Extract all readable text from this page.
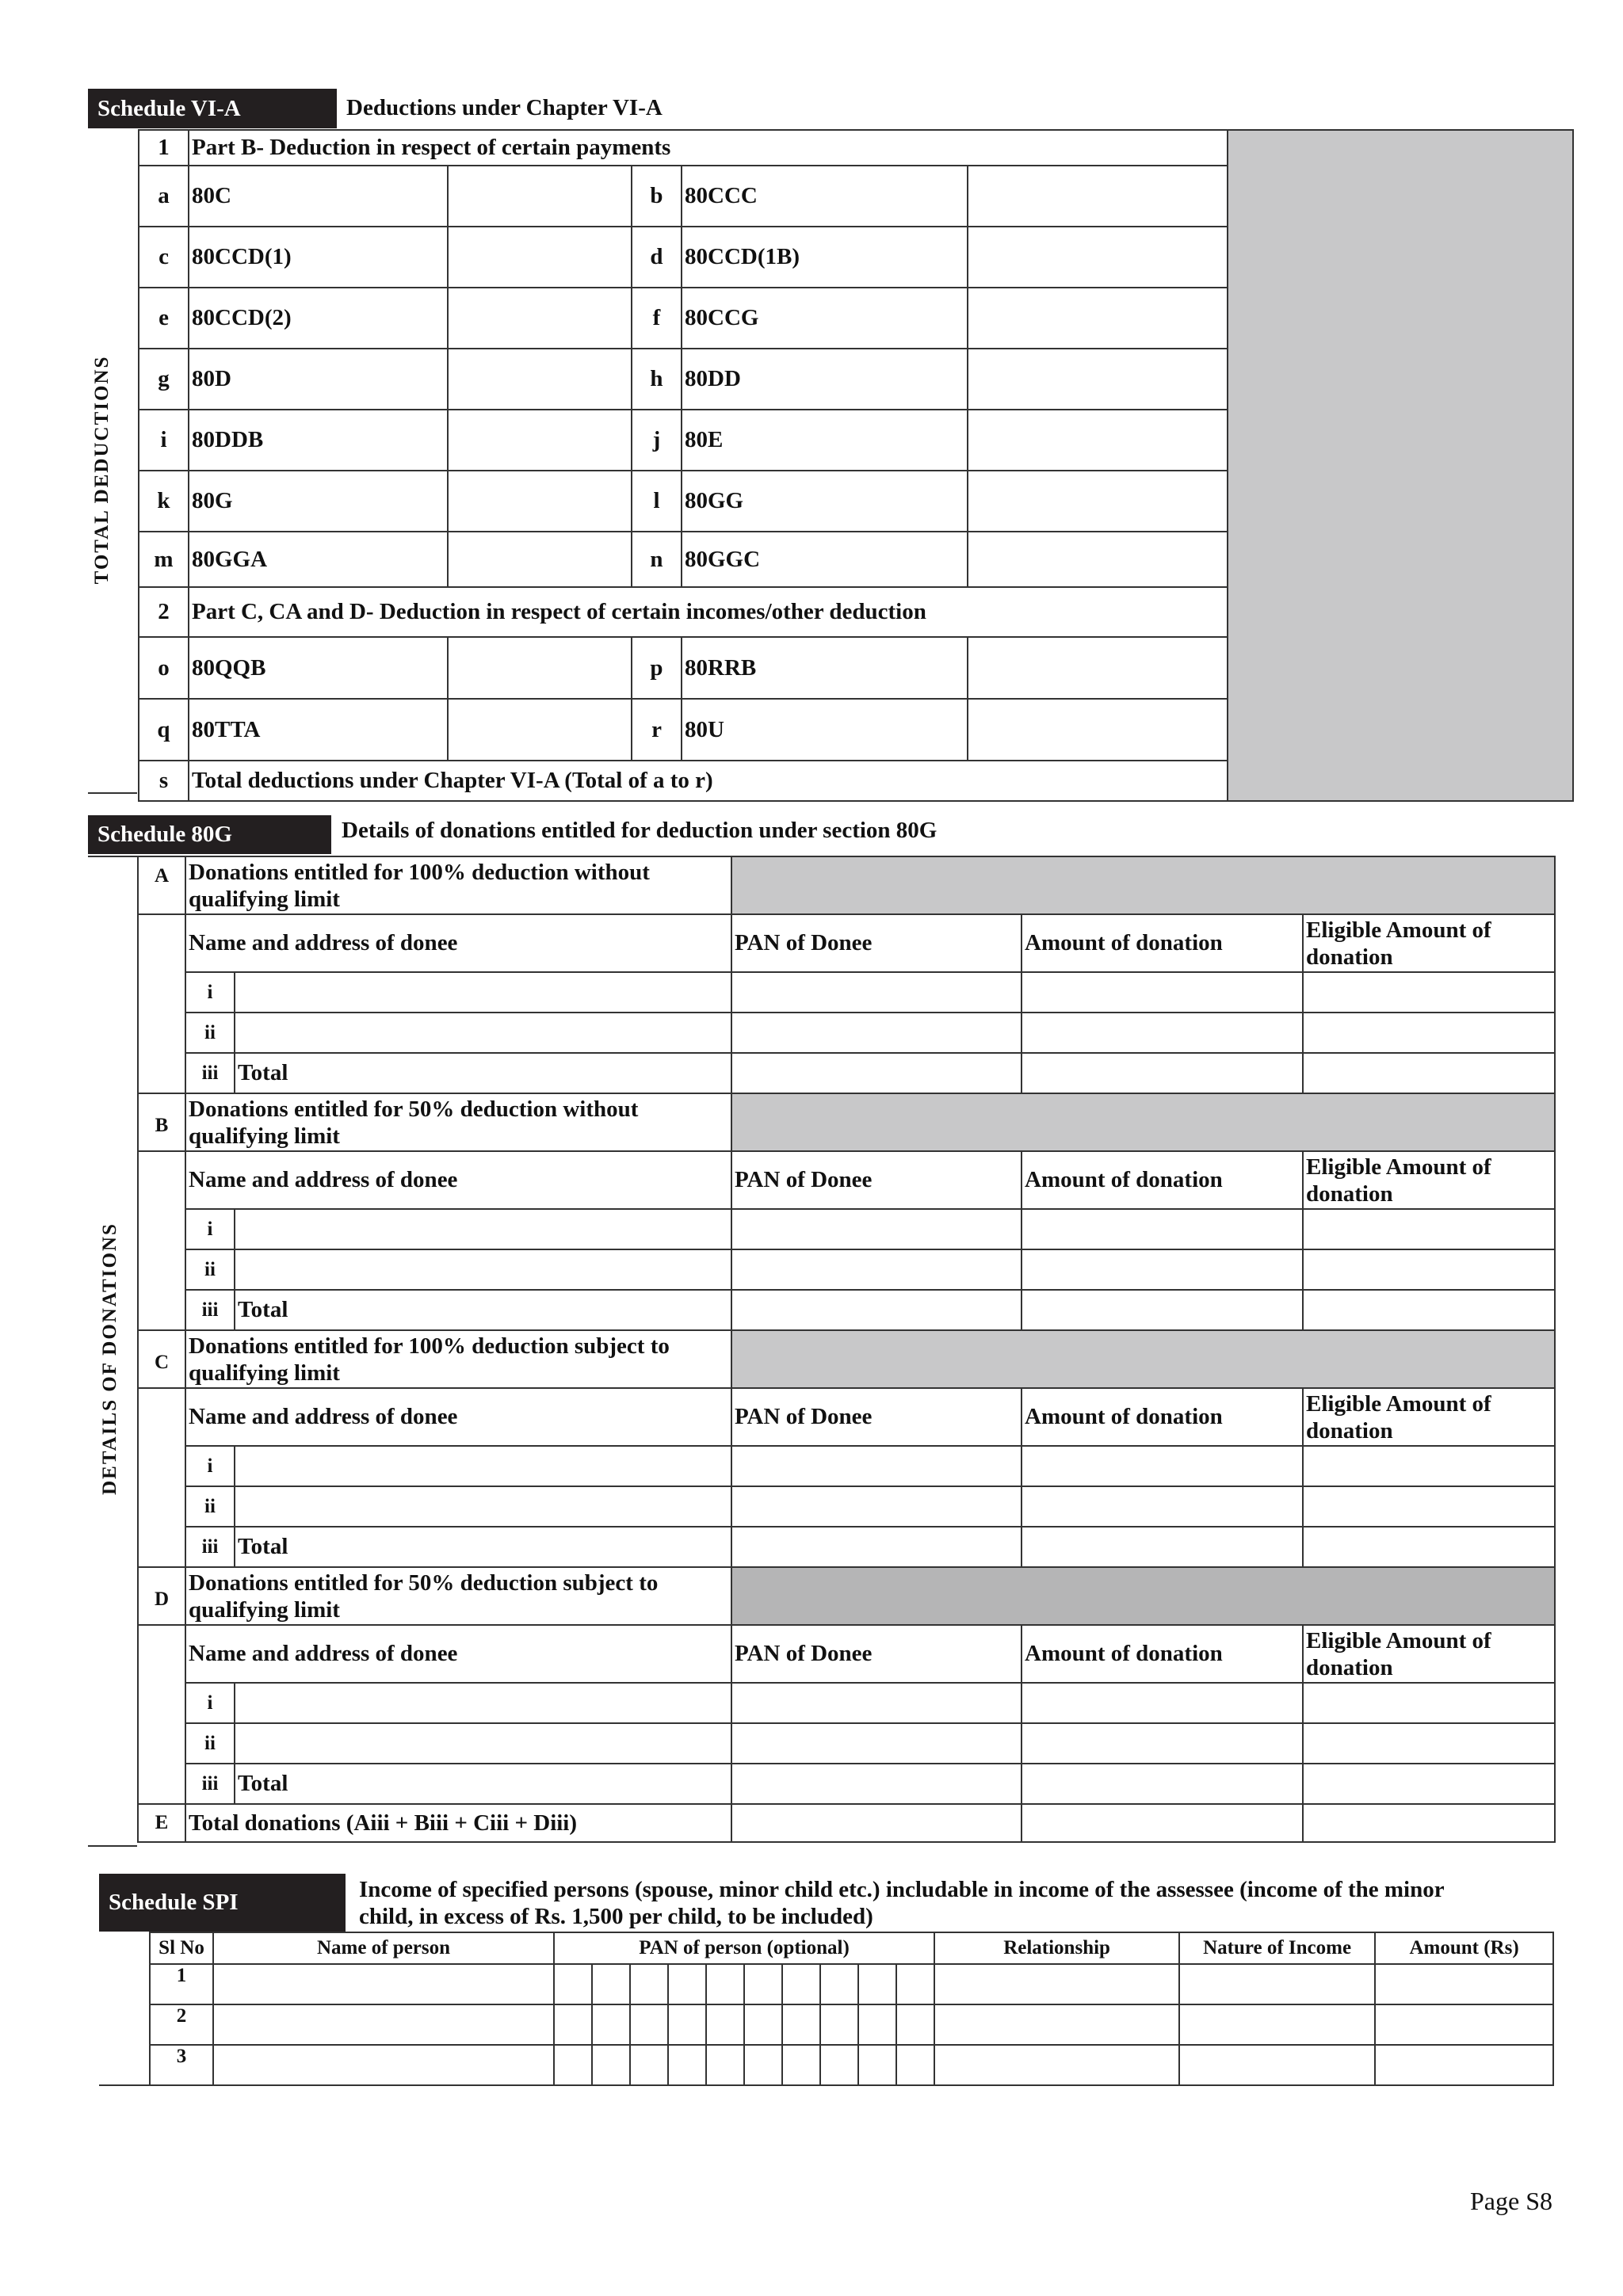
Schedule VI-A	Deductions under Chapter VI-A
TOTAL DEDUCTIONS
1	Part B- Deduction in respect of certain payments						
a	80C		b	80CCC			
c	80CCD(1)		d	80CCD(1B)			
e	80CCD(2)		f	80CCG			
g	80D		h	80DD			
i	80DDB		j	80E			
k	80G		l	80GG			
m	80GGA		n	80GGC			
2	Part C, CA and D- Deduction in respect of certain incomes/other deduction						
o	80QQB		p	80RRB			
q	80TTA		r	80U			
s	Total deductions under Chapter VI-A (Total of a to r)		
Schedule 80G	Details of donations entitled for deduction under section 80G
DETAILS OF DONATIONS
A	Donations entitled for 100% deduction without
qualifying limit				
	Name and address of donee		PAN of Donee	Amount of donation	Eligible Amount of
donation
	i				
	ii				
	iii	Total			
B	Donations entitled for 50% deduction without
qualifying limit				
	Name and address of donee		PAN of Donee	Amount of donation	Eligible Amount of
donation
	i				
	ii				
	iii	Total			
C	Donations entitled for 100% deduction subject to
qualifying limit				
	Name and address of donee		PAN of Donee	Amount of donation	Eligible Amount of
donation
	i				
	ii				
	iii	Total			
D	Donations entitled for 50% deduction subject to
qualifying limit				
	Name and address of donee		PAN of Donee	Amount of donation	Eligible Amount of
donation
	i				
	ii				
	iii	Total			
E	Total donations (Aiii + Biii + Ciii + Diii)				
Schedule SPI	Income of specified persons (spouse, minor child etc.) includable in income of the assessee (income of the minor
child, in excess of Rs. 1,500 per child, to be included)
Sl No	Name of person	PAN of person (optional)										Relationship	Nature of Income	Amount (Rs)
1														
2														
3														
Page S8
